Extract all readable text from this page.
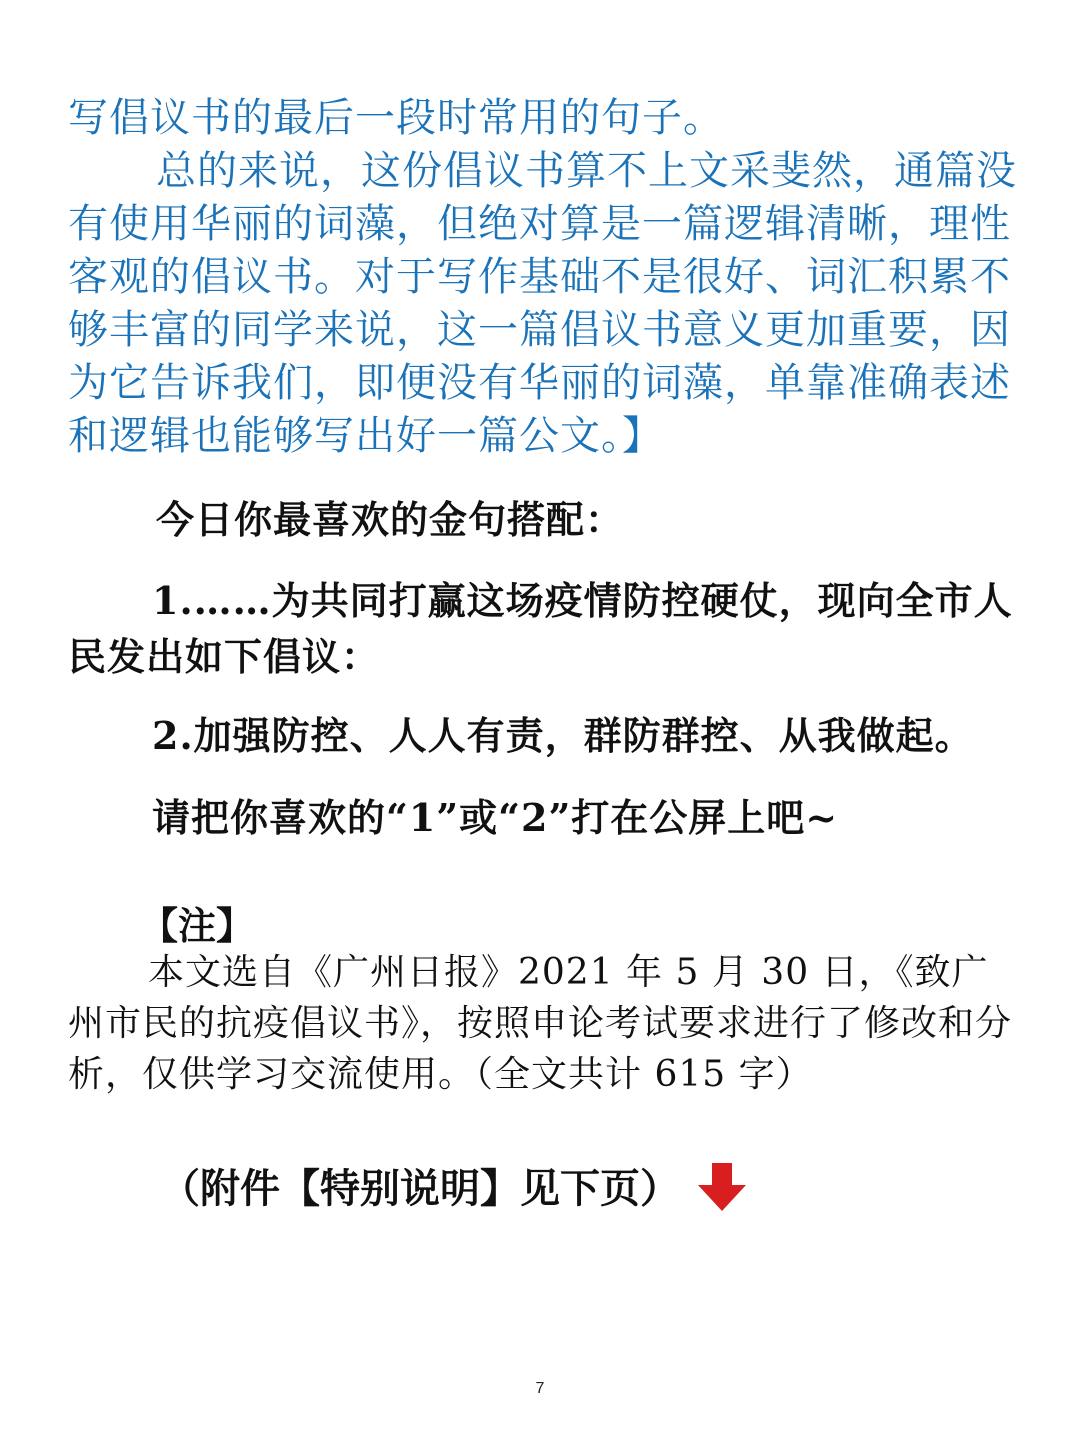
写倡议书的最后一段时常用的句子。

总的来说，这份倡议书算不上文采斐然，通篇没有使用华丽的词藻，但绝对算是一篇逻辑清晰，理性客观的倡议书。对于写作基础不是很好、词汇积累不够丰富的同学来说，这一篇倡议书意义更加重要，因为它告诉我们，即便没有华丽的词藻，单靠准确表述和逻辑也能够写出好一篇公文。】

今日你最喜欢的金句搭配：
1.……为共同打赢这场疫情防控硬仗，现向全市人民发出如下倡议：
2.加强防控、人人有责，群防群控、从我做起。
请把你喜欢的“1”或“2”打在公屏上吧~
【注】

本文选自《广州日报》2021 年 5 月 30 日，《致广州市民的抗疫倡议书》，按照申论考试要求进行了修改和分析，仅供学习交流使用。（全文共计 615 字）

（附件【特别说明】见下页）
7
